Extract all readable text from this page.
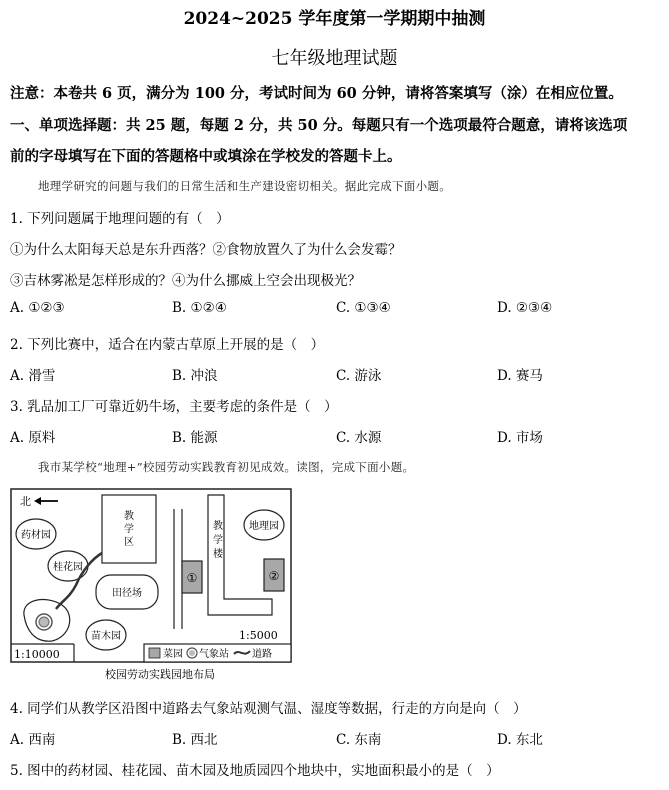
2024~2025 学年度第一学期期中抽测
七年级地理试题
注意：本卷共 6 页，满分为 100 分，考试时间为 60 分钟，请将答案填写（涂）在相应位置。
一、单项选择题：共 25 题，每题 2 分，共 50 分。每题只有一个选项最符合题意，请将该选项
前的字母填写在下面的答题格中或填涂在学校发的答题卡上。
地理学研究的问题与我们的日常生活和生产建设密切相关。据此完成下面小题。
1. 下列问题属于地理问题的有（　）
①为什么太阳每天总是东升西落？②食物放置久了为什么会发霉？
③吉林雾凇是怎样形成的？④为什么挪威上空会出现极光？
A. ①②③	B. ①②④	C. ①③④	D. ②③④
2. 下列比赛中，适合在内蒙古草原上开展的是（　）
A. 滑雪	B. 冲浪	C. 游泳	D. 赛马
3. 乳品加工厂可靠近奶牛场，主要考虑的条件是（　）
A. 原料	B. 能源	C. 水源	D. 市场
我市某学校“地理+”校园劳动实践教育初见成效。读图，完成下面小题。
北
教
学
区
药材园
桂花园
田径场
苗木园
①
教
学
楼
地理园
②
1:10000
1:5000
菜园 气象站 道路
校园劳动实践园地布局
4. 同学们从教学区沿图中道路去气象站观测气温、湿度等数据，行走的方向是向（　）
A. 西南	B. 西北	C. 东南	D. 东北
5. 图中的药材园、桂花园、苗木园及地质园四个地块中，实地面积最小的是（　）
